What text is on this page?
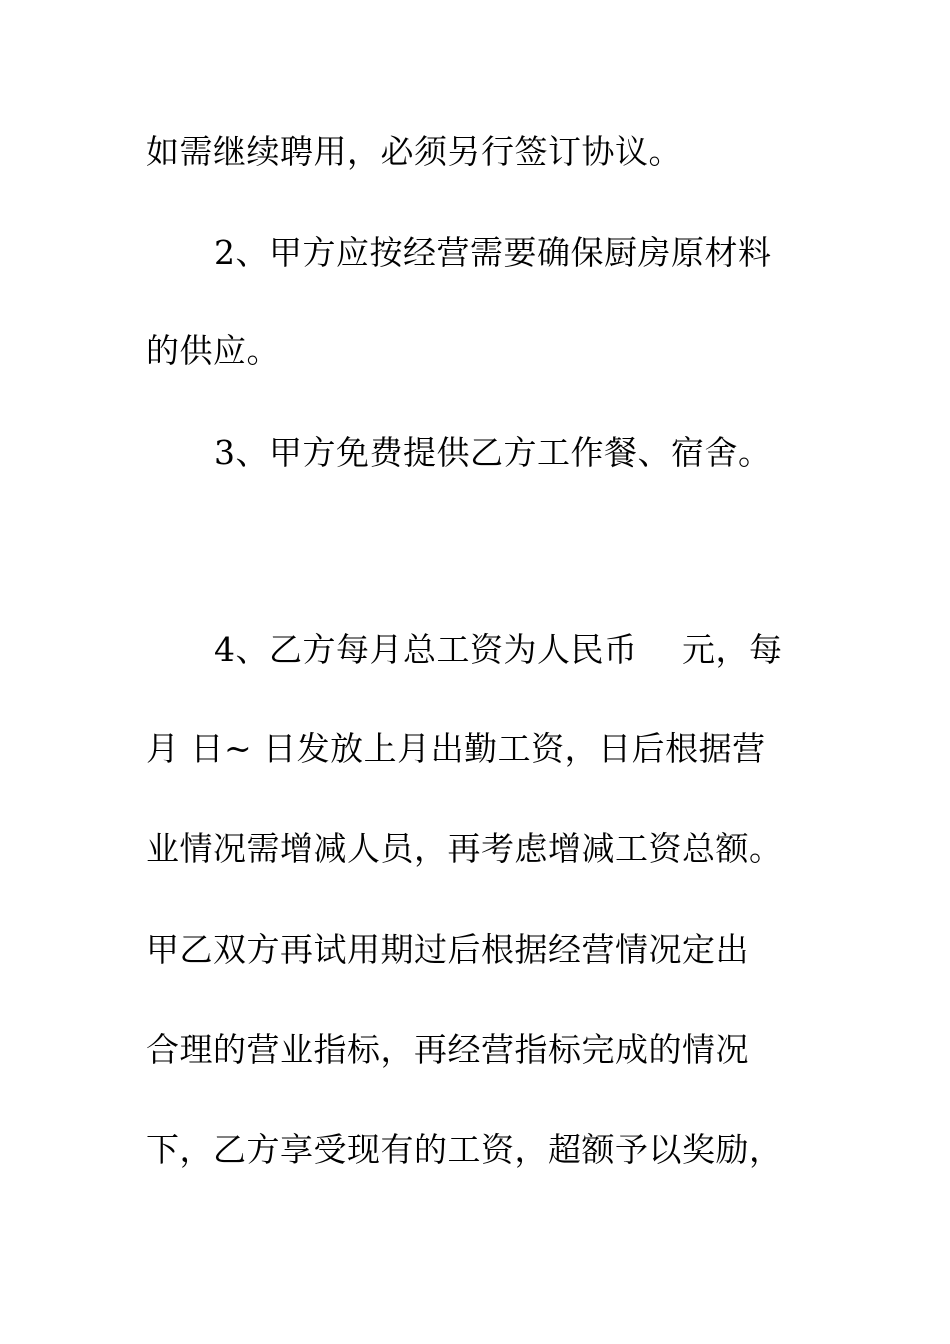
如需继续聘用，必须另行签订协议。

2、甲方应按经营需要确保厨房原材料

的供应。

3、甲方免费提供乙方工作餐、宿舍。

4、乙方每月总工资为人民币　 元，每

月 日~ 日发放上月出勤工资，日后根据营

业情况需增减人员，再考虑增减工资总额。

甲乙双方再试用期过后根据经营情况定出

合理的营业指标，再经营指标完成的情况

下，乙方享受现有的工资，超额予以奖励，
